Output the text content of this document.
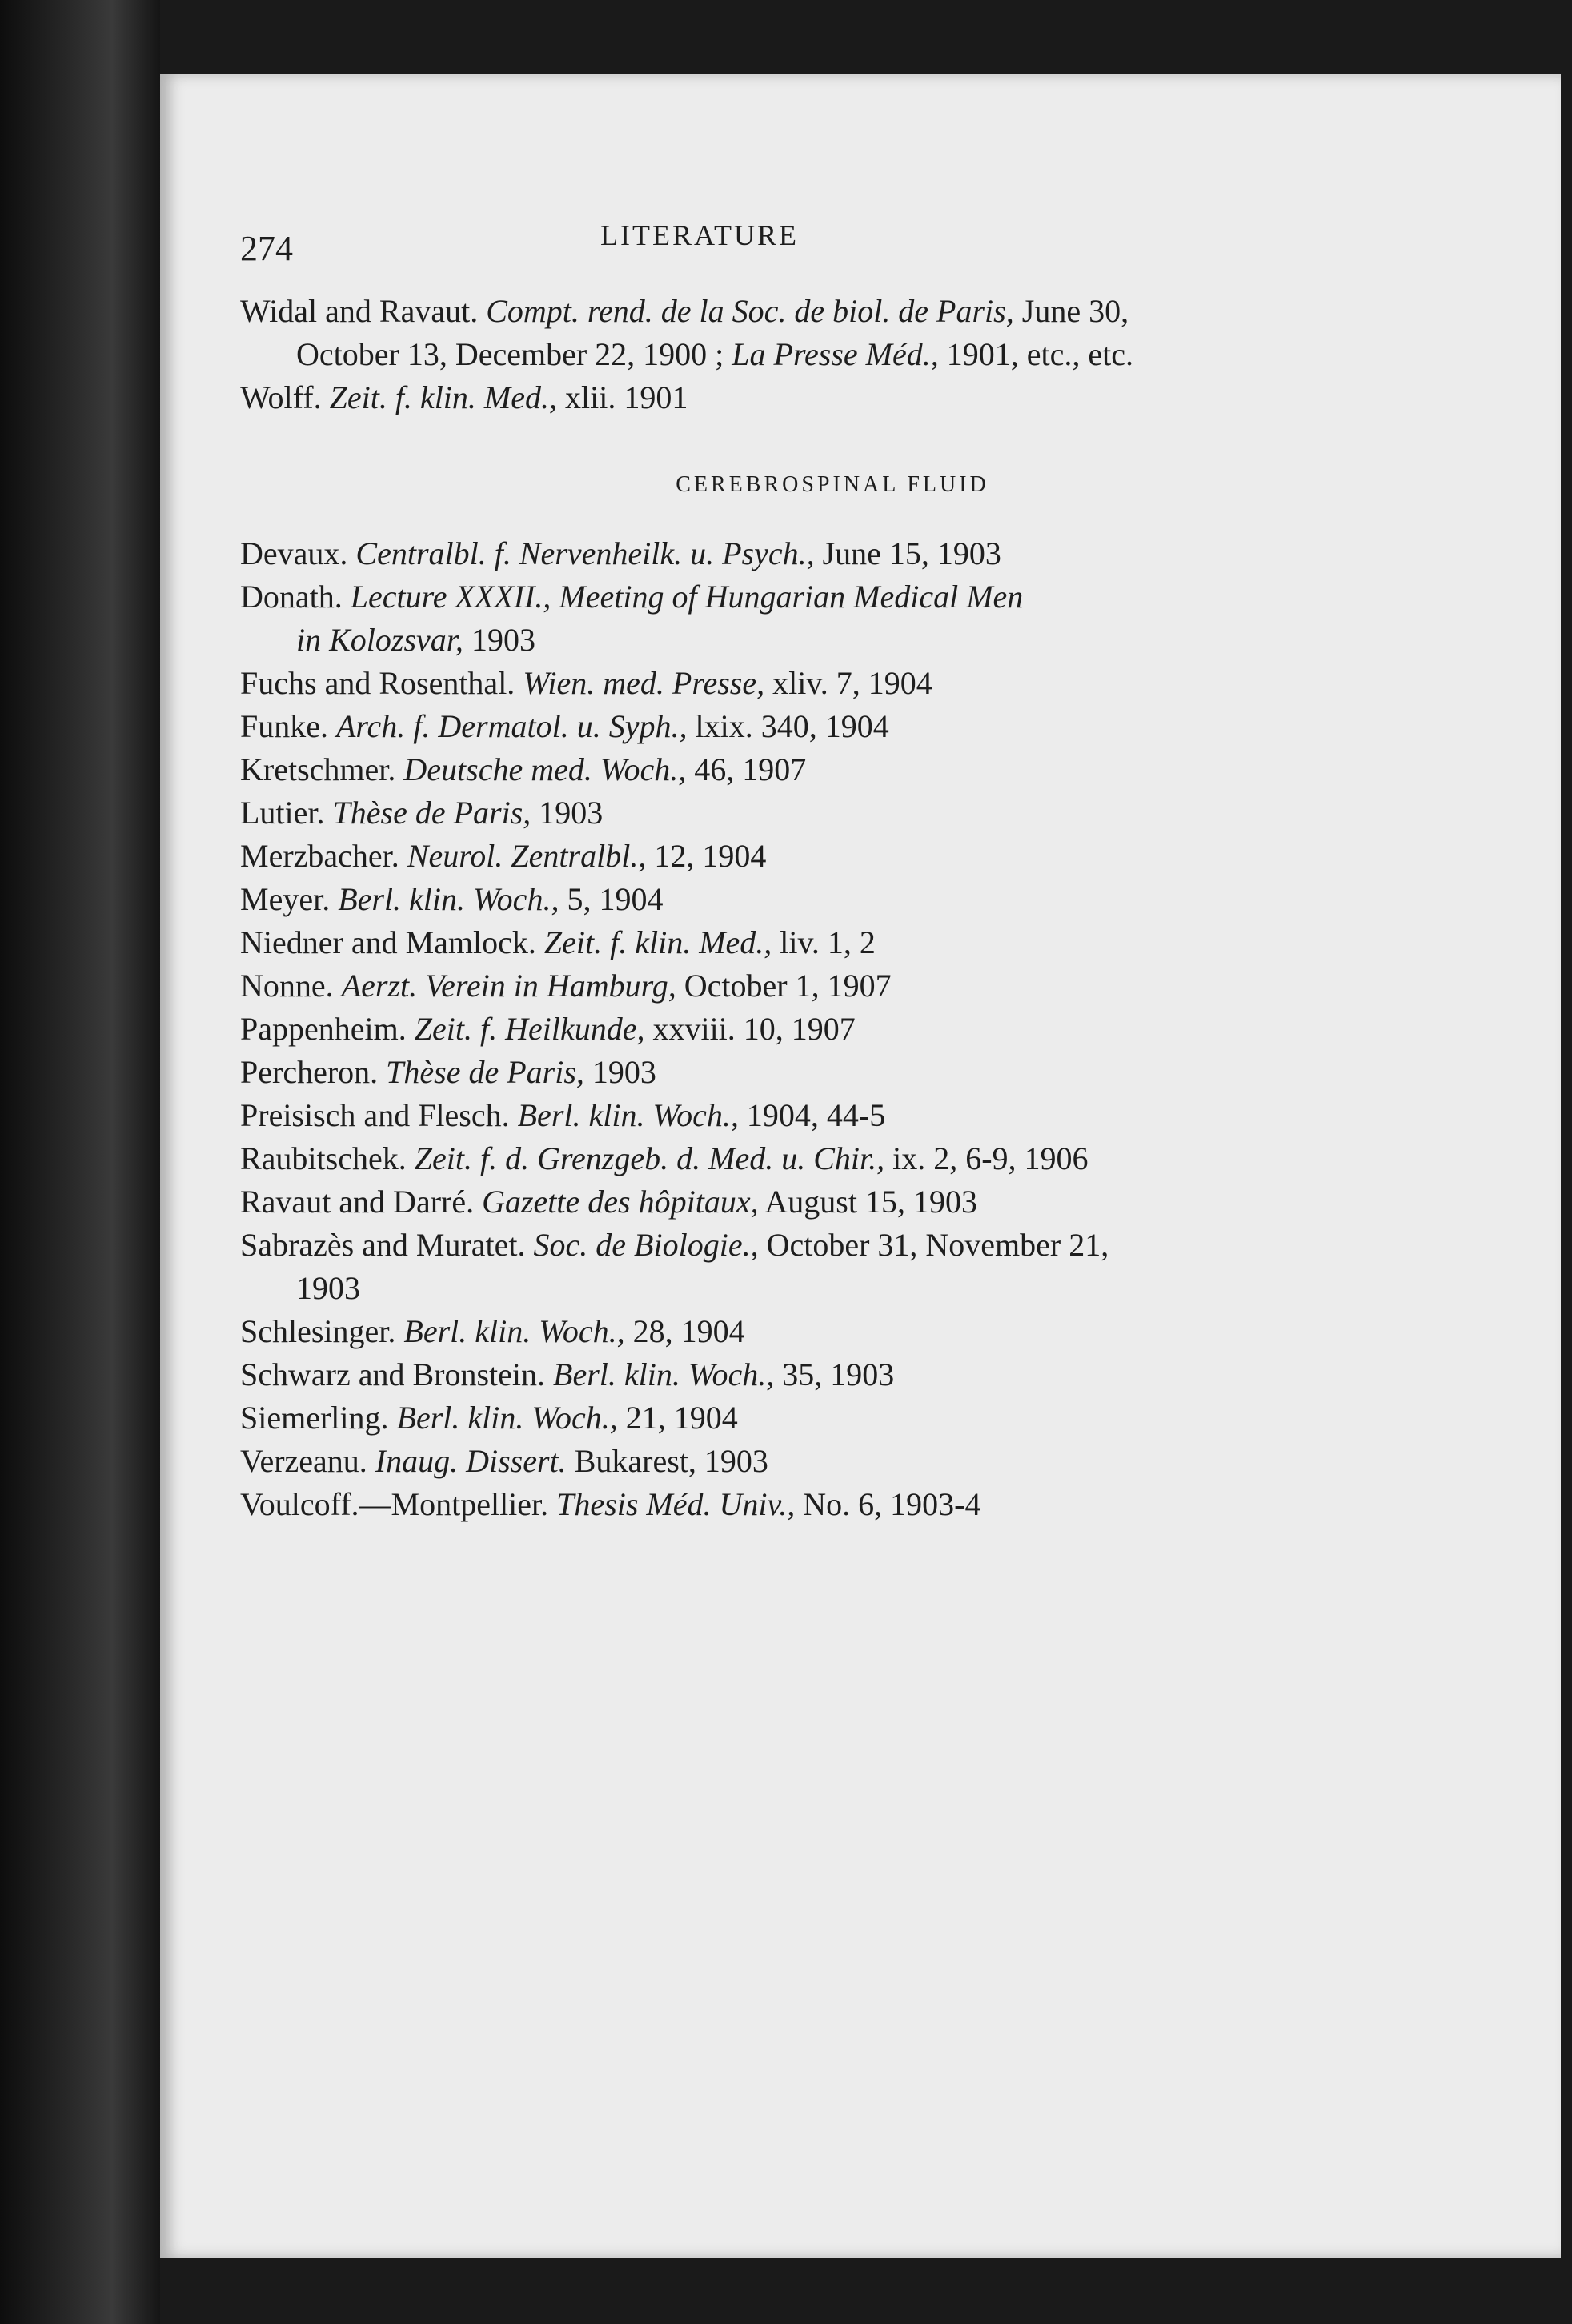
274	LITERATURE

Widal and Ravaut. Compt. rend. de la Soc. de biol. de Paris, June 30,

October 13, December 22, 1900 ; La Presse Méd., 1901, etc., etc.

Wolff. Zeit. f. klin. Med., xlii. 1901

CEREBROSPINAL FLUID

Devaux. Centralbl. f. Nervenheilk. u. Psych., June 15, 1903

Donath. Lecture XXXII., Meeting of Hungarian Medical Men

in Kolozsvar, 1903

Fuchs and Rosenthal. Wien. med. Presse, xliv. 7, 1904

Funke. Arch. f. Dermatol. u. Syph., lxix. 340, 1904

Kretschmer. Deutsche med. Woch., 46, 1907

Lutier. Thèse de Paris, 1903

Merzbacher. Neurol. Zentralbl., 12, 1904

Meyer. Berl. klin. Woch., 5, 1904

Niedner and Mamlock. Zeit. f. klin. Med., liv. 1, 2

Nonne. Aerzt. Verein in Hamburg, October 1, 1907

Pappenheim. Zeit. f. Heilkunde, xxviii. 10, 1907

Percheron. Thèse de Paris, 1903

Preisisch and Flesch. Berl. klin. Woch., 1904, 44-5

Raubitschek. Zeit. f. d. Grenzgeb. d. Med. u. Chir., ix. 2, 6-9, 1906

Ravaut and Darré. Gazette des hôpitaux, August 15, 1903

Sabrazès and Muratet. Soc. de Biologie., October 31, November 21,

1903

Schlesinger. Berl. klin. Woch., 28, 1904

Schwarz and Bronstein. Berl. klin. Woch., 35, 1903

Siemerling. Berl. klin. Woch., 21, 1904

Verzeanu. Inaug. Dissert. Bukarest, 1903

Voulcoff.—Montpellier. Thesis Méd. Univ., No. 6, 1903-4
